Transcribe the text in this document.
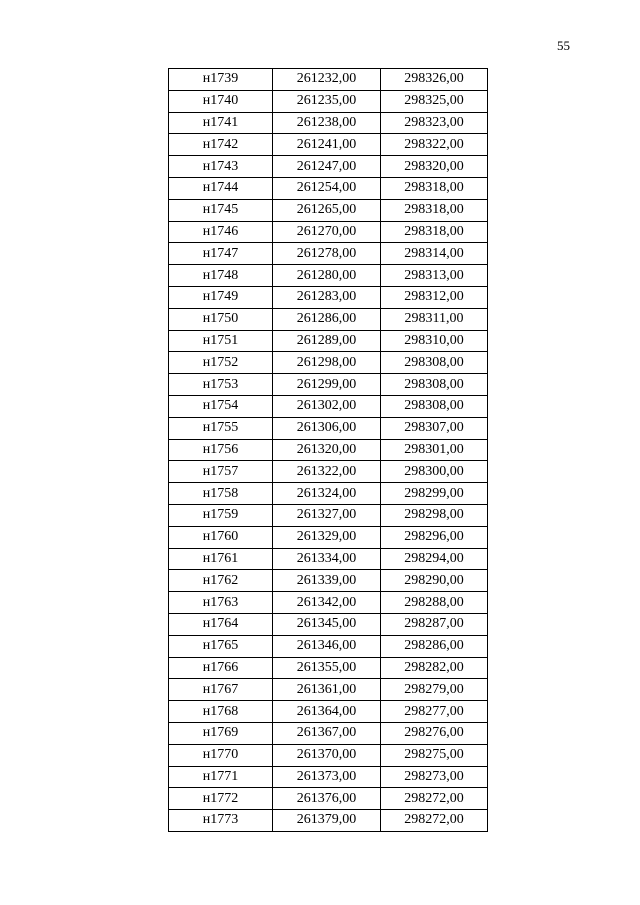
55
н1739	261232,00	298326,00
н1740	261235,00	298325,00
н1741	261238,00	298323,00
н1742	261241,00	298322,00
н1743	261247,00	298320,00
н1744	261254,00	298318,00
н1745	261265,00	298318,00
н1746	261270,00	298318,00
н1747	261278,00	298314,00
н1748	261280,00	298313,00
н1749	261283,00	298312,00
н1750	261286,00	298311,00
н1751	261289,00	298310,00
н1752	261298,00	298308,00
н1753	261299,00	298308,00
н1754	261302,00	298308,00
н1755	261306,00	298307,00
н1756	261320,00	298301,00
н1757	261322,00	298300,00
н1758	261324,00	298299,00
н1759	261327,00	298298,00
н1760	261329,00	298296,00
н1761	261334,00	298294,00
н1762	261339,00	298290,00
н1763	261342,00	298288,00
н1764	261345,00	298287,00
н1765	261346,00	298286,00
н1766	261355,00	298282,00
н1767	261361,00	298279,00
н1768	261364,00	298277,00
н1769	261367,00	298276,00
н1770	261370,00	298275,00
н1771	261373,00	298273,00
н1772	261376,00	298272,00
н1773	261379,00	298272,00
